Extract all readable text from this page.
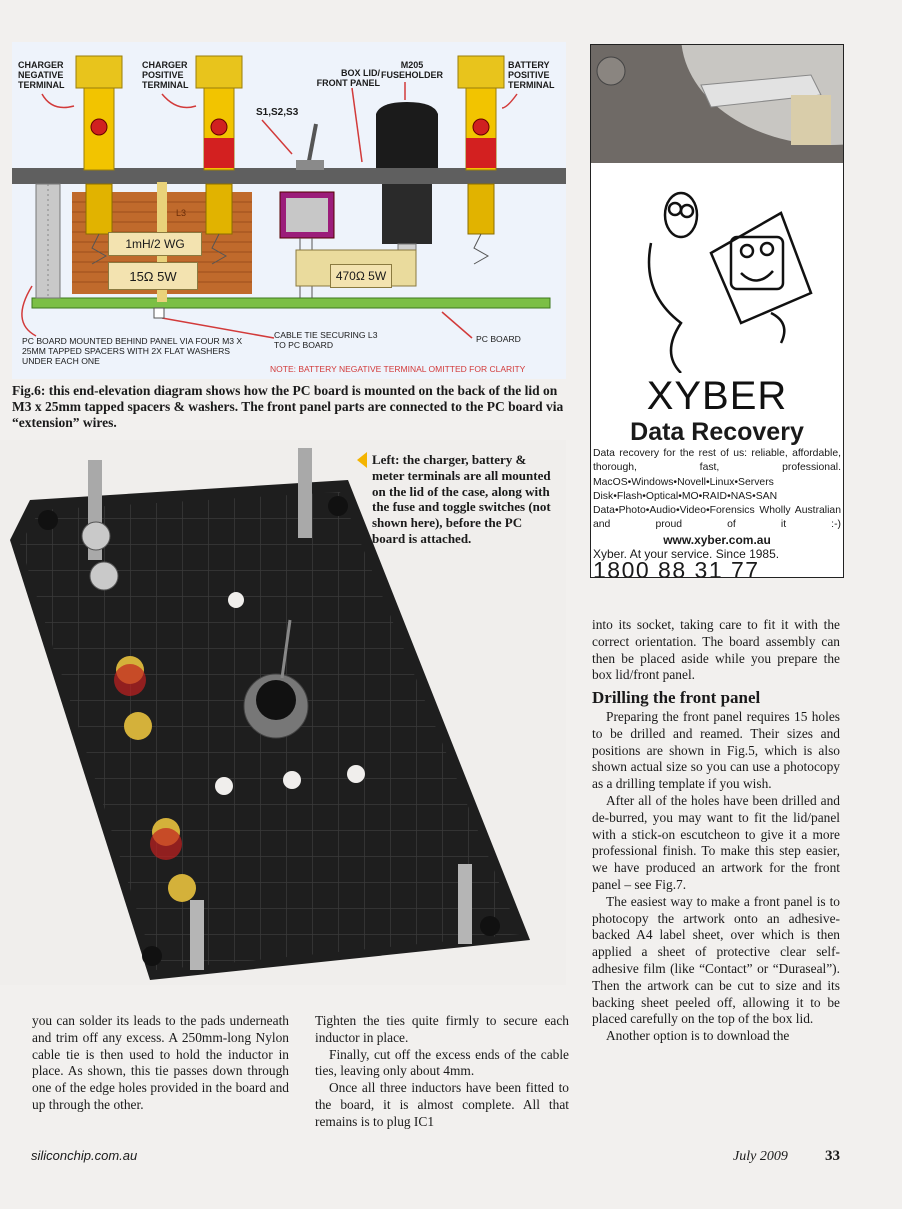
CHARGER NEGATIVE TERMINAL
CHARGER POSITIVE TERMINAL
BOX LID/ FRONT PANEL
M205 FUSEHOLDER
BATTERY POSITIVE TERMINAL
S1,S2,S3
L3
1mH/2 WG
15Ω 5W	470Ω 5W
PC BOARD MOUNTED BEHIND PANEL VIA FOUR M3 X 25MM TAPPED SPACERS WITH 2X FLAT WASHERS UNDER EACH ONE
CABLE TIE SECURING L3 TO PC BOARD
PC BOARD
NOTE: BATTERY NEGATIVE TERMINAL OMITTED FOR CLARITY
Fig.6: this end-elevation diagram shows how the PC board is mounted on the back of the lid on M3 x 25mm tapped spacers & washers. The front panel parts are connected to the PC board via “extension” wires.
Left: the charger, battery & meter terminals are all mounted on the lid of the case, along with the fuse and toggle switches (not shown here), before the PC board is attached.
XYBER
Data Recovery
Data recovery for the rest of us: reliable, affordable, thorough, fast, professional. MacOS•Windows•Novell•Linux•Servers Disk•Flash•Optical•MO•RAID•NAS•SAN Data•Photo•Audio•Video•Forensics Wholly Australian and proud of it :-)
www.xyber.com.au
Xyber. At your service. Since 1985.
1800 88 31 77

you can solder its leads to the pads underneath and trim off any excess. A 250mm-long Nylon cable tie is then used to hold the inductor in place. As shown, this tie passes down through one of the edge holes provided in the board and up through the other.

Tighten the ties quite firmly to secure each inductor in place.

Finally, cut off the excess ends of the cable ties, leaving only about 4mm.

Once all three inductors have been fitted to the board, it is almost complete. All that remains is to plug IC1

into its socket, taking care to fit it with the correct orientation. The board assembly can then be placed aside while you prepare the box lid/front panel.

Drilling the front panel

Preparing the front panel requires 15 holes to be drilled and reamed. Their sizes and positions are shown in Fig.5, which is also shown actual size so you can use a photocopy as a drilling template if you wish.

After all of the holes have been drilled and de-burred, you may want to fit the lid/panel with a stick-on escutcheon to give it a more professional finish. To make this step easier, we have produced an artwork for the front panel – see Fig.7.

The easiest way to make a front panel is to photocopy the artwork onto an adhesive-backed A4 label sheet, over which is then applied a sheet of protective clear self-adhesive film (like “Contact” or “Duraseal”). Then the artwork can be cut to size and its backing sheet peeled off, allowing it to be placed carefully on the top of the box lid.

Another option is to download the

siliconchip.com.au	July 2009 33
